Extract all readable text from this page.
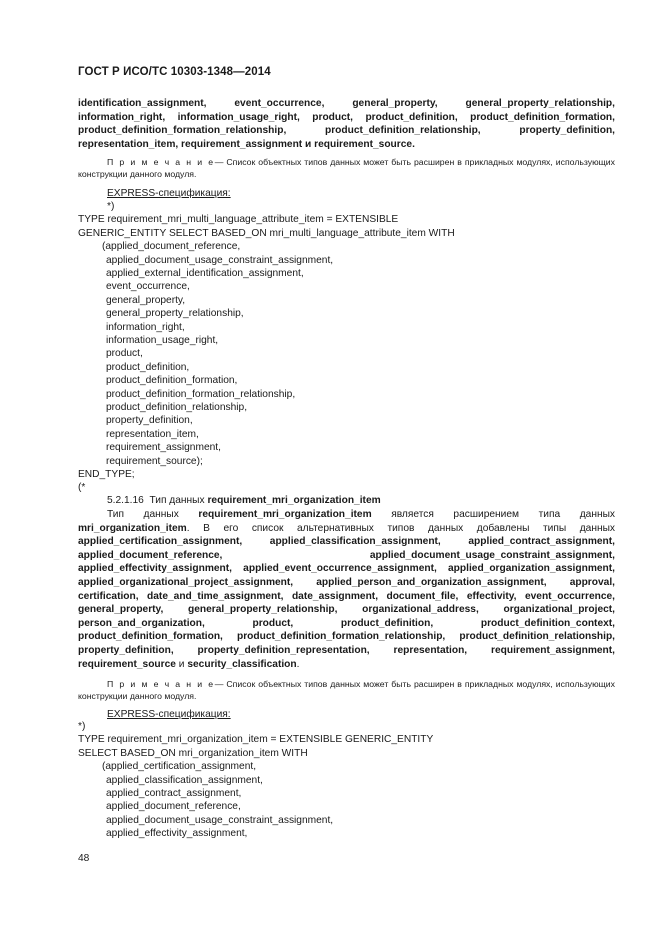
ГОСТ Р ИСО/ТС 10303-1348—2014

identification_assignment, event_occurrence, general_property, general_property_relationship, information_right, information_usage_right, product, product_definition, product_definition_formation, product_definition_formation_relationship, product_definition_relationship, property_definition, representation_item, requirement_assignment и requirement_source.

П р и м е ч а н и е— Список объектных типов данных может быть расширен в прикладных модулях, использующих конструкции данного модуля.

EXPRESS-спецификация:
*)
TYPE requirement_mri_multi_language_attribute_item = EXTENSIBLE
GENERIC_ENTITY SELECT BASED_ON mri_multi_language_attribute_item WITH
(applied_document_reference,
applied_document_usage_constraint_assignment,
applied_external_identification_assignment,
event_occurrence,
general_property,
general_property_relationship,
information_right,
information_usage_right,
product,
product_definition,
product_definition_formation,
product_definition_formation_relationship,
product_definition_relationship,
property_definition,
representation_item,
requirement_assignment,
requirement_source);
END_TYPE;
(*
5.2.1.16 Тип данных requirement_mri_organization_item

Тип данных requirement_mri_organization_item является расширением типа данных mri_organization_item. В его список альтернативных типов данных добавлены типы данных applied_certification_assignment, applied_classification_assignment, applied_contract_assignment, applied_document_reference, applied_document_usage_constraint_assignment, applied_effectivity_assignment, applied_event_occurrence_assignment, applied_organization_assignment, applied_organizational_project_assignment, applied_person_and_organization_assignment, approval, certification, date_and_time_assignment, date_assignment, document_file, effectivity, event_occurrence, general_property, general_property_relationship, organizational_address, organizational_project, person_and_organization, product, product_definition, product_definition_context, product_definition_formation, product_definition_formation_relationship, product_definition_relationship, property_definition, property_definition_representation, representation, requirement_assignment, requirement_source и security_classification.

П р и м е ч а н и е— Список объектных типов данных может быть расширен в прикладных модулях, использующих конструкции данного модуля.

EXPRESS-спецификация:
*)
TYPE requirement_mri_organization_item = EXTENSIBLE GENERIC_ENTITY
SELECT BASED_ON mri_organization_item WITH
(applied_certification_assignment,
applied_classification_assignment,
applied_contract_assignment,
applied_document_reference,
applied_document_usage_constraint_assignment,
applied_effectivity_assignment,
48
